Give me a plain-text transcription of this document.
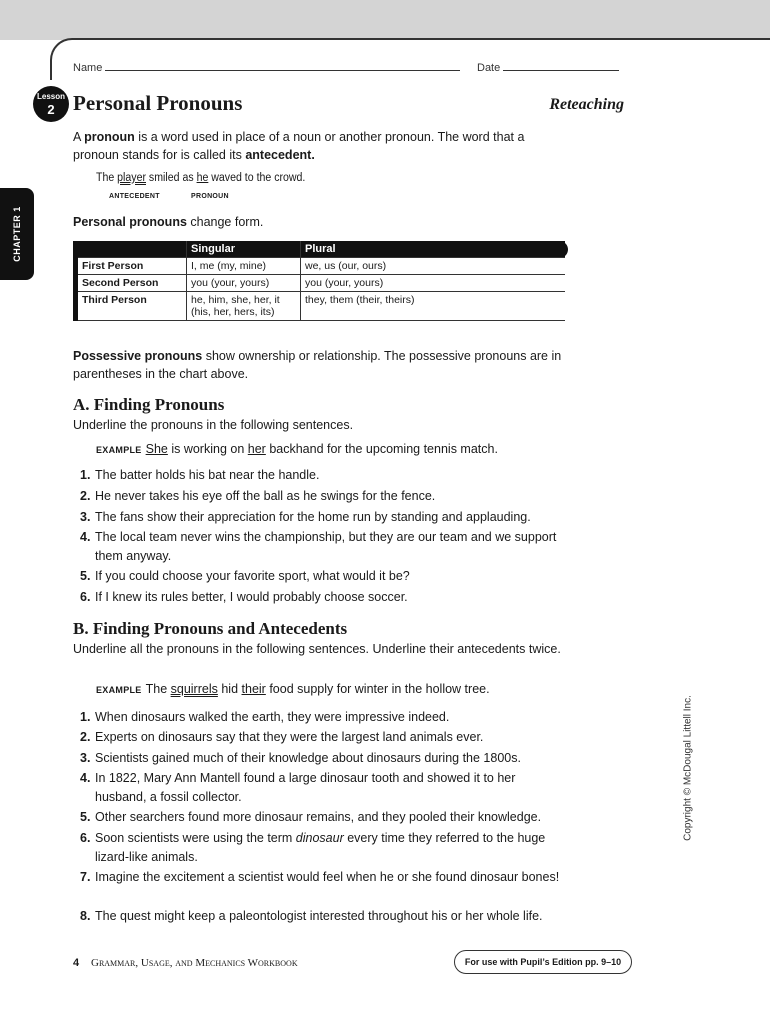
Name	Date
Lesson
2 Personal Pronouns	Reteaching
CHAPTER 1
A pronoun is a word used in place of a noun or another pronoun. The word that a pronoun stands for is called its antecedent.
The player smiled as he waved to the crowd.
ANTECEDENT	PRONOUN
Personal pronouns change form.
	Singular	Plural
First Person	I, me (my, mine)	we, us (our, ours)
Second Person	you (your, yours)	you (your, yours)
Third Person	he, him, she, her, it (his, her, hers, its)	they, them (their, theirs)
Possessive pronouns show ownership or relationship. The possessive pronouns are in parentheses in the chart above.
A. Finding Pronouns
Underline the pronouns in the following sentences.
EXAMPLE She is working on her backhand for the upcoming tennis match.
1. The batter holds his bat near the handle.
2. He never takes his eye off the ball as he swings for the fence.
3. The fans show their appreciation for the home run by standing and applauding.
4. The local team never wins the championship, but they are our team and we support them anyway.
5. If you could choose your favorite sport, what would it be?
6. If I knew its rules better, I would probably choose soccer.
B. Finding Pronouns and Antecedents
Underline all the pronouns in the following sentences. Underline their antecedents twice.
EXAMPLE The squirrels hid their food supply for winter in the hollow tree.
1. When dinosaurs walked the earth, they were impressive indeed.
2. Experts on dinosaurs say that they were the largest land animals ever.
3. Scientists gained much of their knowledge about dinosaurs during the 1800s.
4. In 1822, Mary Ann Mantell found a large dinosaur tooth and showed it to her husband, a fossil collector.
5. Other searchers found more dinosaur remains, and they pooled their knowledge.
6. Soon scientists were using the term dinosaur every time they referred to the huge lizard-like animals.
7. Imagine the excitement a scientist would feel when he or she found dinosaur bones!
8. The quest might keep a paleontologist interested throughout his or her whole life.
Copyright © McDougal Littell Inc.
4 Grammar, Usage, and Mechanics Workbook	For use with Pupil’s Edition pp. 9–10
